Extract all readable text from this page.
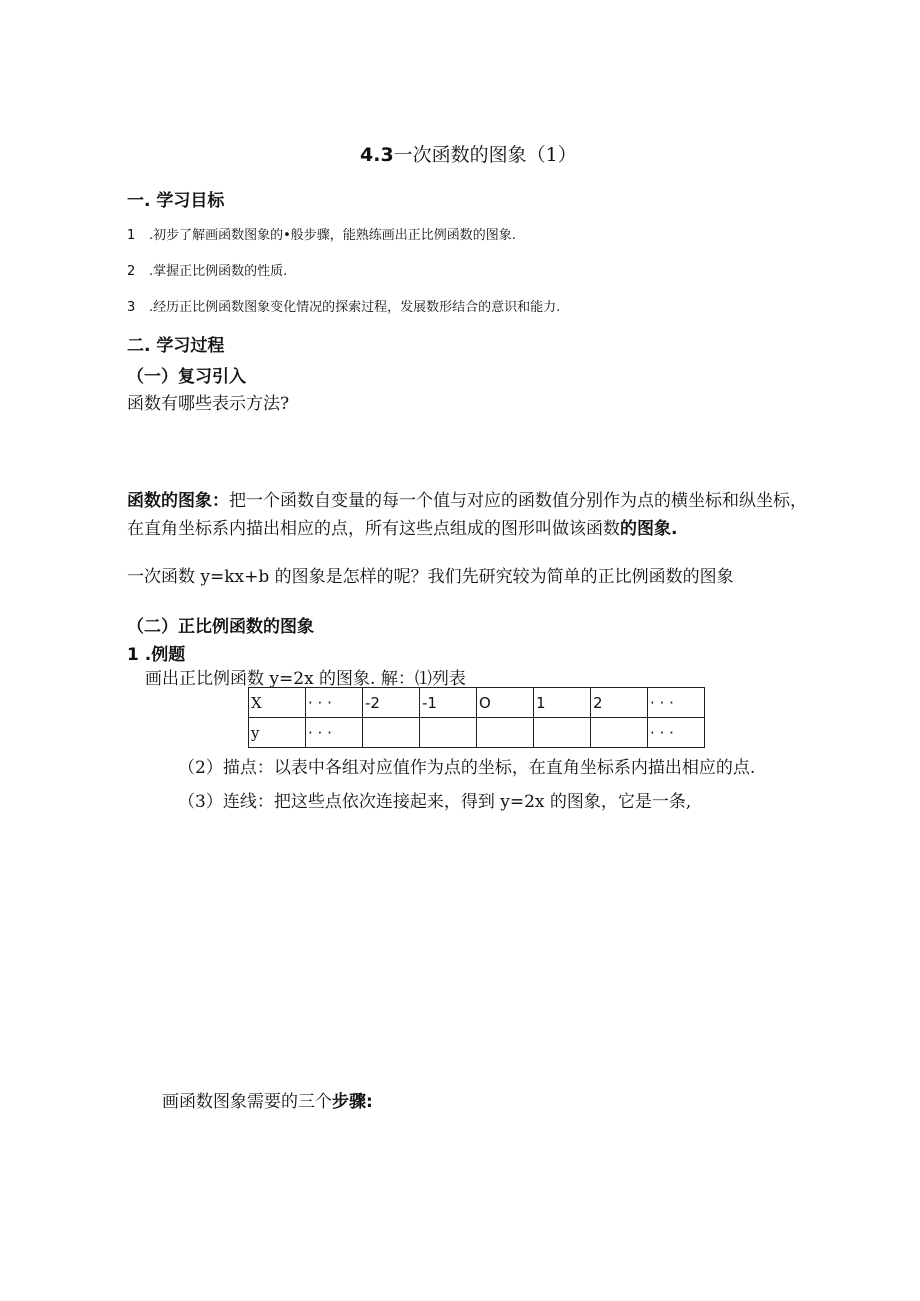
4.3一次函数的图象（1）
一. 学习目标
1 .初步了解画函数图象的•般步骤，能熟练画出正比例函数的图象.
2 .掌握正比例函数的性质.
3 .经历正比例函数图象变化情况的探索过程，发展数形结合的意识和能力.
二. 学习过程
（一）复习引入
函数有哪些表示方法?
函数的图象：把一个函数自变量的每一个值与对应的函数值分别作为点的横坐标和纵坐标，在直角坐标系内描出相应的点，所有这些点组成的图形叫做该函数的图象.
一次函数 y=kx+b 的图象是怎样的呢？我们先研究较为简单的正比例函数的图象
（二）正比例函数的图象
1 .例题
画出正比例函数 y=2x 的图象. 解：⑴列表
X	· · ·	-2	-1	O	1	2	· · ·
y	· · ·						· · ·
（2）描点：以表中各组对应值作为点的坐标，在直角坐标系内描出相应的点.
（3）连线：把这些点依次连接起来，得到 y=2x 的图象，它是一条,
画函数图象需要的三个步骤:
